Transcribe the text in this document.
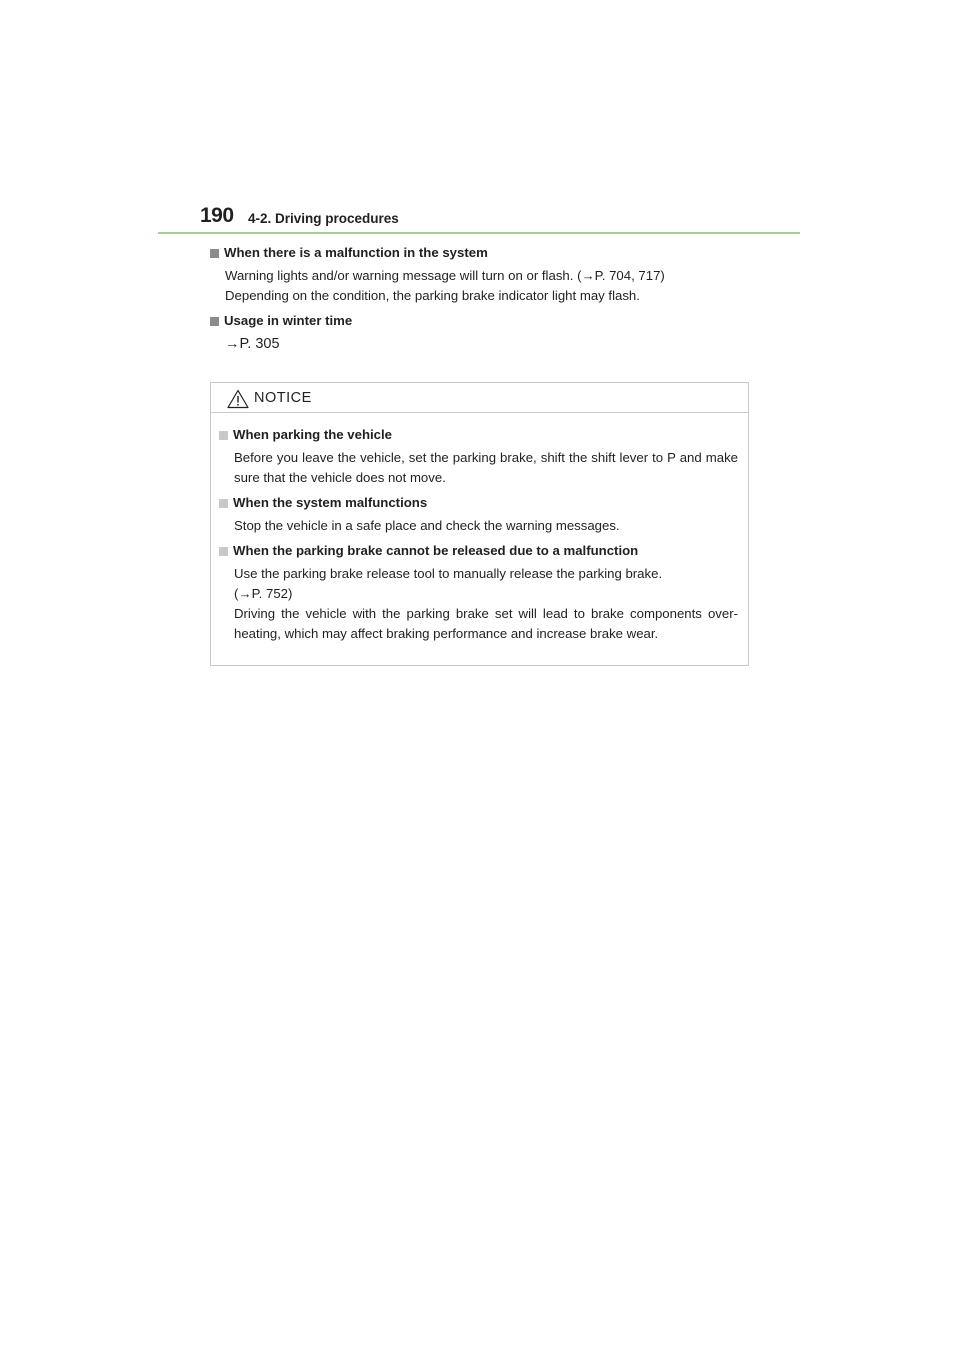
190 4-2. Driving procedures
When there is a malfunction in the system
Warning lights and/or warning message will turn on or flash. (→P. 704, 717)
Depending on the condition, the parking brake indicator light may flash.
Usage in winter time
→P. 305
NOTICE
When parking the vehicle
Before you leave the vehicle, set the parking brake, shift the shift lever to P and make sure that the vehicle does not move.
When the system malfunctions
Stop the vehicle in a safe place and check the warning messages.
When the parking brake cannot be released due to a malfunction
Use the parking brake release tool to manually release the parking brake.
(→P. 752)
Driving the vehicle with the parking brake set will lead to brake components over-heating, which may affect braking performance and increase brake wear.
